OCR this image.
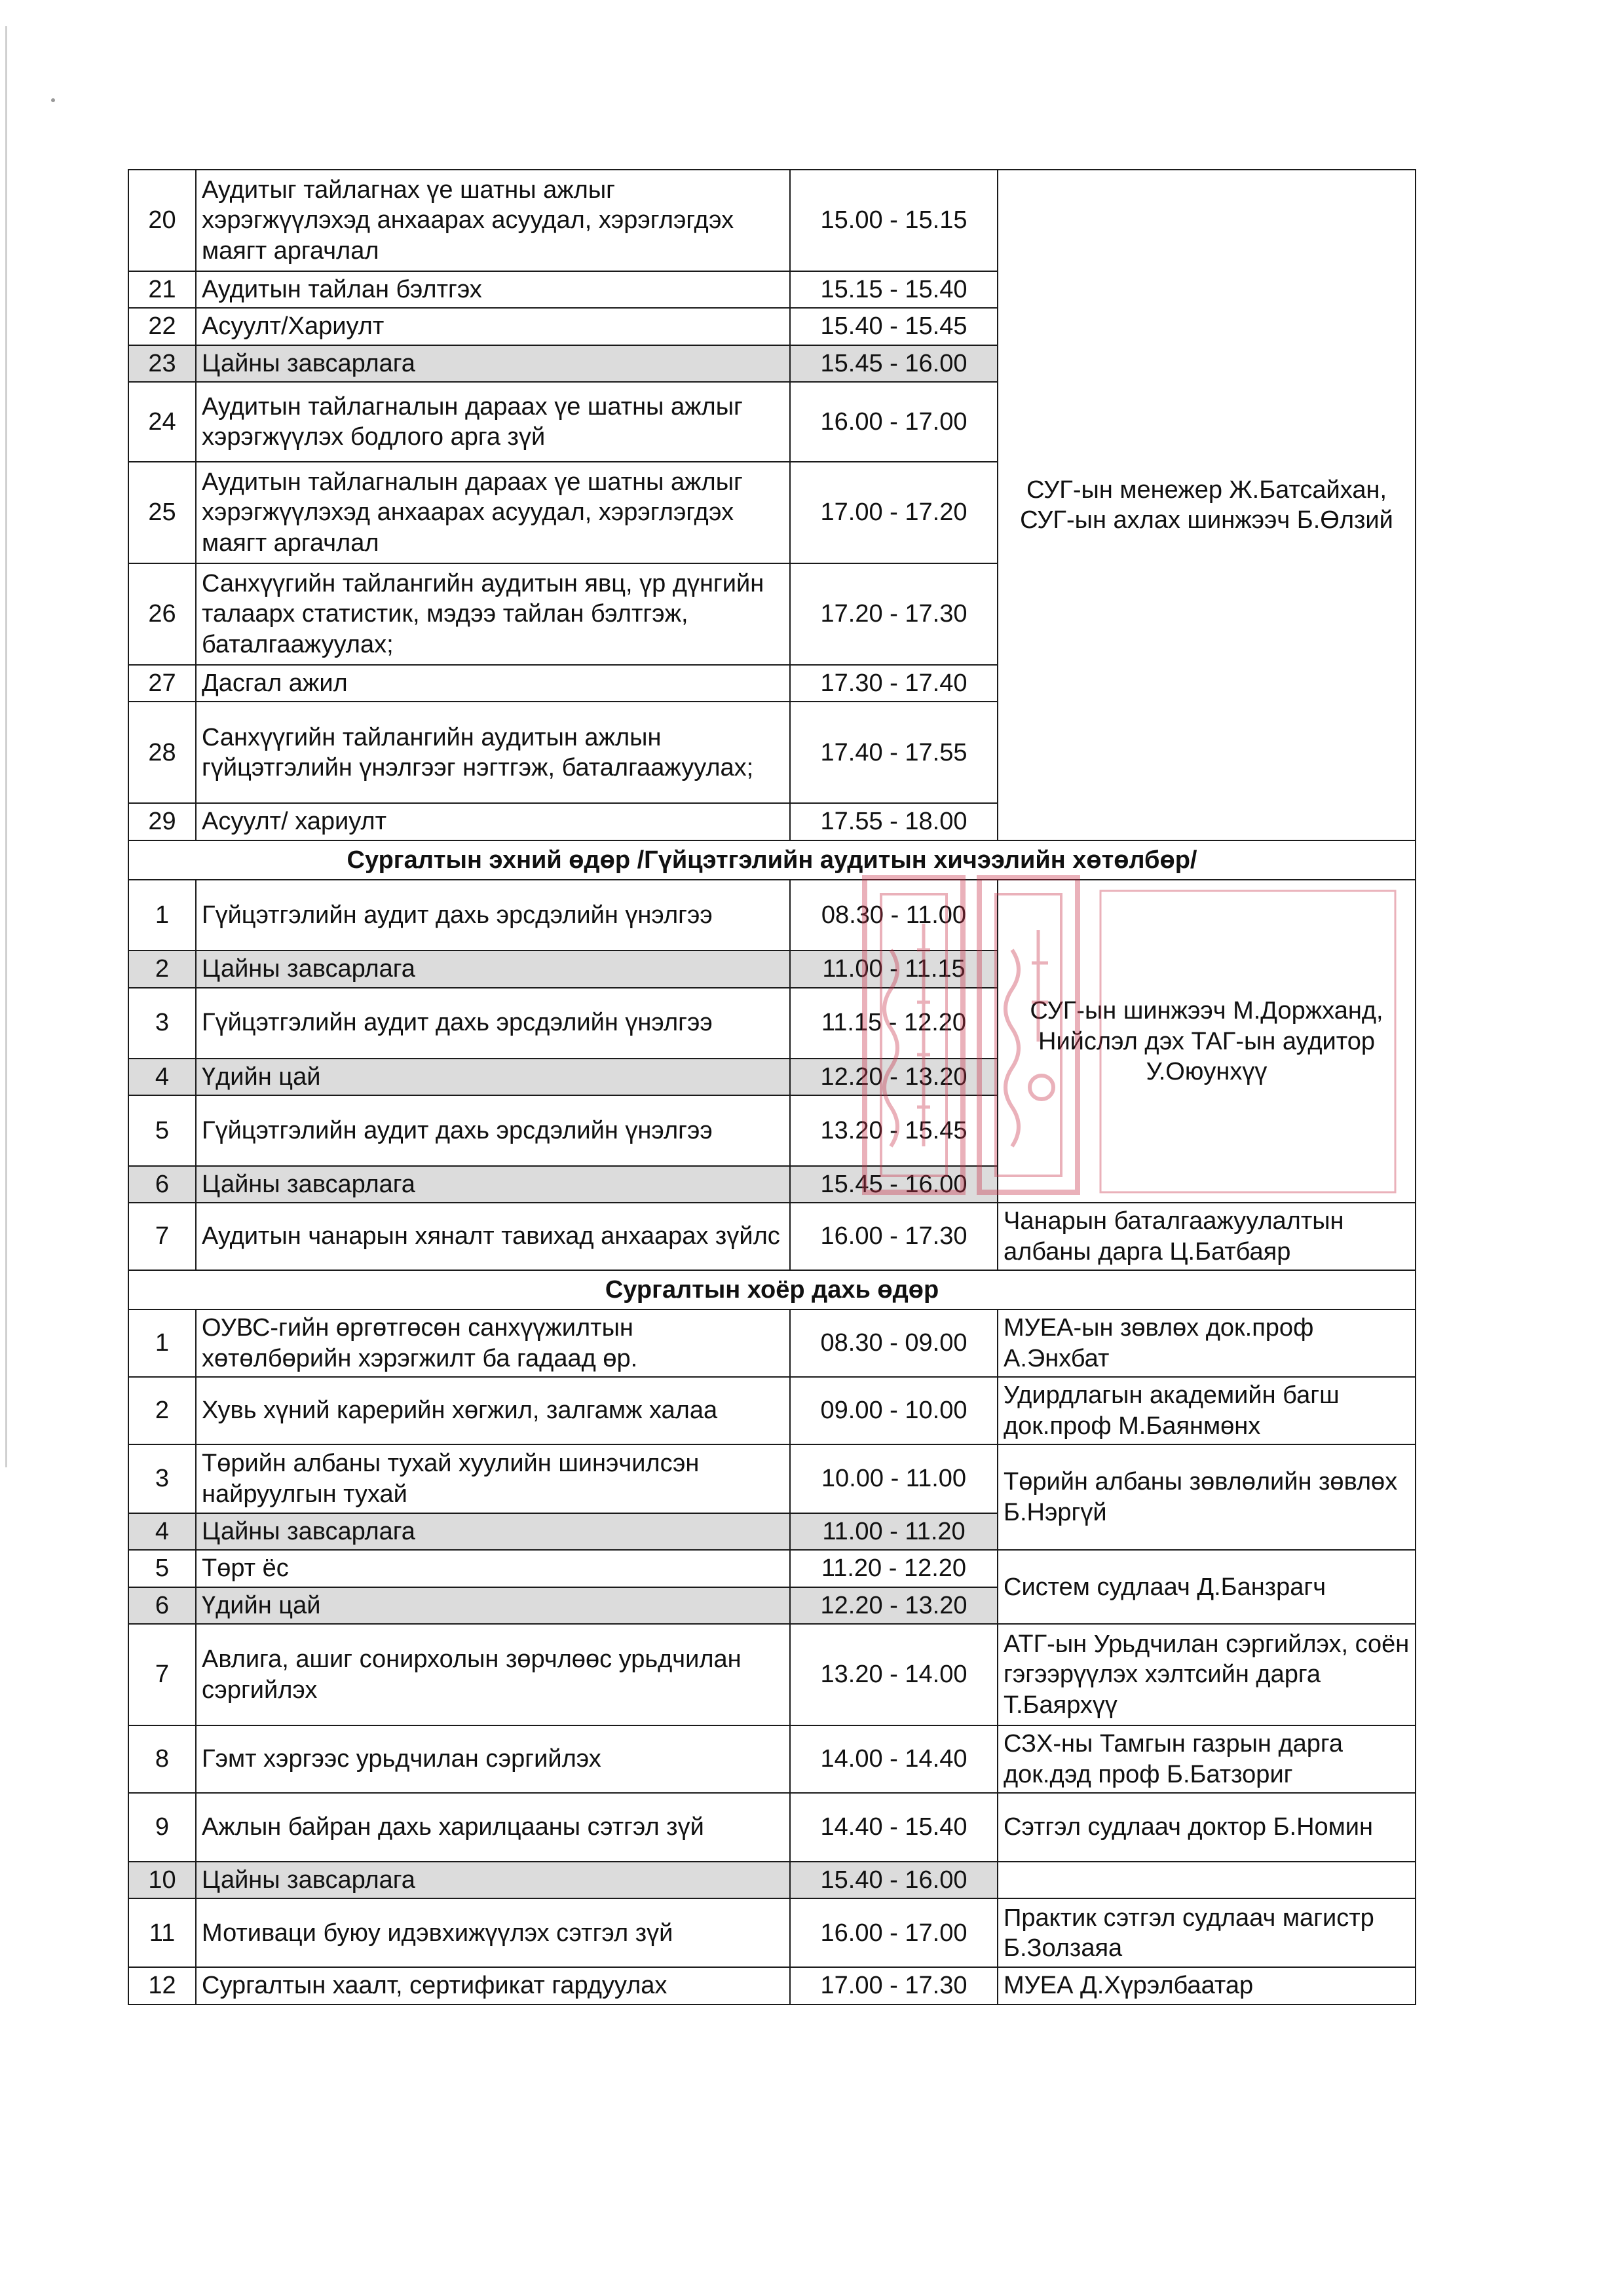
20	Аудитыг тайлагнах үе шатны ажлыг хэрэгжүүлэхэд анхаарах асуудал, хэрэглэгдэх маягт аргачлал	15.00 - 15.15	СУГ-ын менежер Ж.Батсайхан, СУГ-ын ахлах шинжээч Б.Өлзий
21	Аудитын тайлан бэлтгэх	15.15 - 15.40	
22	Асуулт/Хариулт	15.40 - 15.45	
23	Цайны завсарлага	15.45 - 16.00	
24	Аудитын тайлагналын дараах үе шатны ажлыг хэрэгжүүлэх бодлого арга зүй	16.00 - 17.00	
25	Аудитын тайлагналын дараах үе шатны ажлыг хэрэгжүүлэхэд анхаарах асуудал, хэрэглэгдэх маягт аргачлал	17.00 - 17.20	
26	Санхүүгийн тайлангийн аудитын явц, үр дүнгийн талаарх статистик, мэдээ тайлан бэлтгэж, баталгаажуулах;	17.20 - 17.30	
27	Дасгал ажил	17.30 - 17.40	
28	Санхүүгийн тайлангийн аудитын ажлын гүйцэтгэлийн үнэлгээг нэгтгэж, баталгаажуулах;	17.40 - 17.55	
29	Асуулт/ хариулт	17.55 - 18.00	
Сургалтын эхний өдөр /Гүйцэтгэлийн аудитын хичээлийн хөтөлбөр/			
1	Гүйцэтгэлийн аудит дахь эрсдэлийн үнэлгээ	08.30 - 11.00	СУГ-ын шинжээч М.Доржханд, Нийслэл дэх ТАГ-ын аудитор У.Оюунхүү
2	Цайны завсарлага	11.00 - 11.15	
3	Гүйцэтгэлийн аудит дахь эрсдэлийн үнэлгээ	11.15 - 12.20	
4	Үдийн цай	12.20 - 13.20	
5	Гүйцэтгэлийн аудит дахь эрсдэлийн үнэлгээ	13.20 - 15.45	
6	Цайны завсарлага	15.45 - 16.00	
7	Аудитын чанарын хяналт тавихад анхаарах зүйлс	16.00 - 17.30	Чанарын баталгаажуулалтын албаны дарга Ц.Батбаяр
Сургалтын хоёр дахь өдөр			
1	ОУВС-гийн өргөтгөсөн санхүүжилтын хөтөлбөрийн хэрэгжилт ба гадаад өр.	08.30 - 09.00	МУЕА-ын зөвлөх док.проф А.Энхбат
2	Хувь хүний карерийн хөгжил, залгамж халаа	09.00 - 10.00	Удирдлагын академийн багш док.проф М.Баянмөнх
3	Төрийн албаны тухай хуулийн шинэчилсэн найруулгын тухай	10.00 - 11.00	Төрийн албаны зөвлөлийн зөвлөх Б.Нэргүй
4	Цайны завсарлага	11.00 - 11.20	
5	Төрт ёс	11.20 - 12.20	Систем судлаач Д.Банзрагч
6	Үдийн цай	12.20 - 13.20	
7	Авлига, ашиг сонирхолын зөрчлөөс урьдчилан сэргийлэх	13.20 - 14.00	АТГ-ын Урьдчилан сэргийлэх, соён гэгээрүүлэх хэлтсийн дарга Т.Баярхүү
8	Гэмт хэргээс урьдчилан сэргийлэх	14.00 - 14.40	СЗХ-ны Тамгын газрын дарга док.дэд проф Б.Батзориг
9	Ажлын байран дахь харилцааны сэтгэл зүй	14.40 - 15.40	Сэтгэл судлаач доктор Б.Номин
10	Цайны завсарлага	15.40 - 16.00	
11	Мотиваци буюу идэвхижүүлэх сэтгэл зүй	16.00 - 17.00	Практик сэтгэл судлаач магистр Б.Золзаяа
12	Сургалтын хаалт, сертификат гардуулах	17.00 - 17.30	МУЕА Д.Хүрэлбаатар
